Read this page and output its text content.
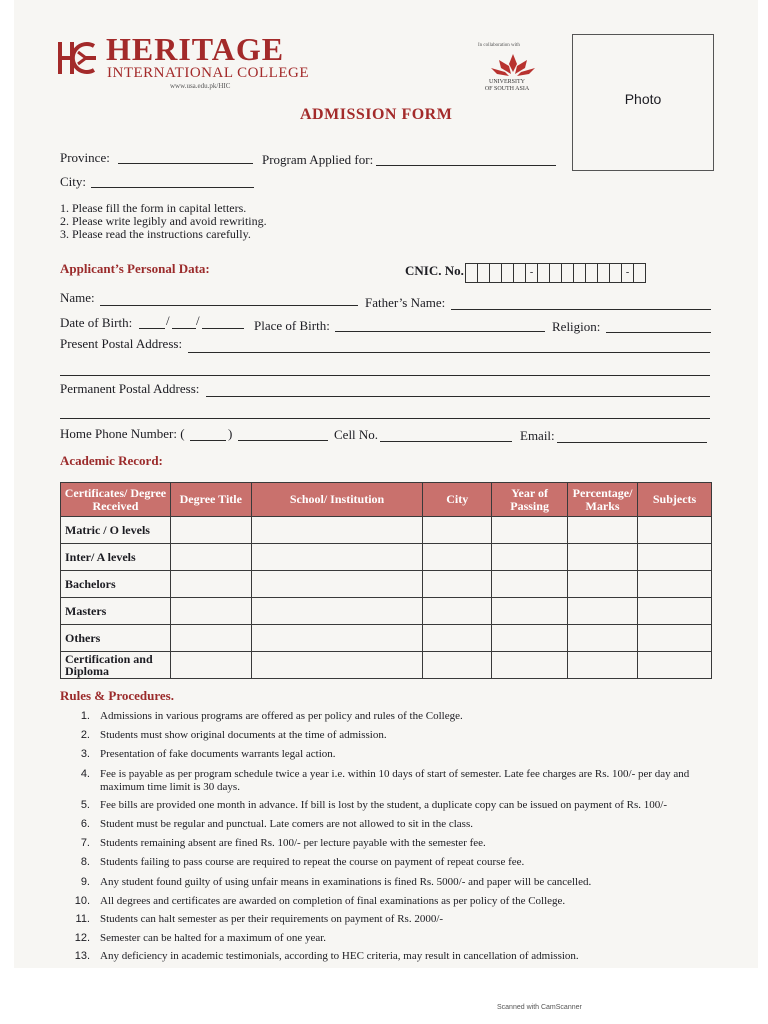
HERITAGE
INTERNATIONAL COLLEGE
www.usa.edu.pk/HIC
In collaboration with
UNIVERSITY
OF SOUTH ASIA
Photo
ADMISSION FORM
Province:	Program Applied for:
City:
1. Please fill the form in capital letters.
2. Please write legibly and avoid rewriting.
3. Please read the instructions carefully.
Applicant’s Personal Data:	CNIC. No.	-	-
Name:	Father’s Name:
Date of Birth:	/ /	Place of Birth:	Religion:
Present Postal Address:
Permanent Postal Address:
Home Phone Number: (	)	Cell No.	Email:
Academic Record:
Certificates/ Degree Received	Degree Title	School/ Institution	City	Year of Passing	Percentage/ Marks	Subjects
Matric / O levels						
Inter/ A levels						
Bachelors						
Masters						
Others						
Certification and Diploma						
Rules & Procedures.
1. Admissions in various programs are offered as per policy and rules of the College.
2. Students must show original documents at the time of admission.
3. Presentation of fake documents warrants legal action.
4. Fee is payable as per program schedule twice a year i.e. within 10 days of start of semester. Late fee charges are Rs. 100/- per day and maximum time limit is 30 days.
5. Fee bills are provided one month in advance. If bill is lost by the student, a duplicate copy can be issued on payment of Rs. 100/-
6. Student must be regular and punctual. Late comers are not allowed to sit in the class.
7. Students remaining absent are fined Rs. 100/- per lecture payable with the semester fee.
8. Students failing to pass course are required to repeat the course on payment of repeat course fee.
9. Any student found guilty of using unfair means in examinations is fined Rs. 5000/- and paper will be cancelled.
10. All degrees and certificates are awarded on completion of final examinations as per policy of the College.
11. Students can halt semester as per their requirements on payment of Rs. 2000/-
12. Semester can be halted for a maximum of one year.
13. Any deficiency in academic testimonials, according to HEC criteria, may result in cancellation of admission.
Scanned with CamScanner
